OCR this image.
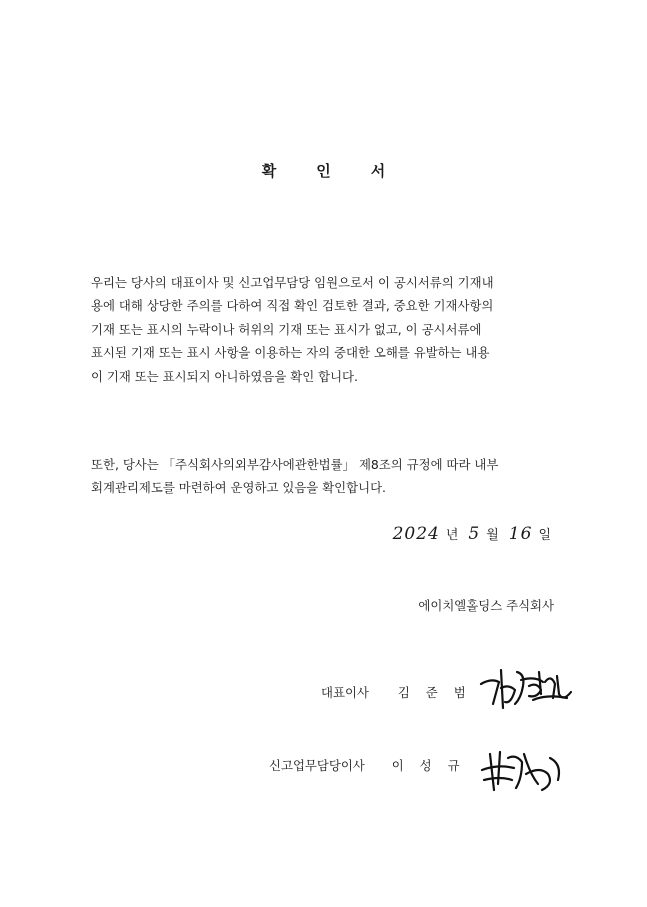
확	인	서

우리는 당사의 대표이사 및 신고업무담당 임원으로서 이 공시서류의 기재내
용에 대해 상당한 주의를 다하여 직접 확인 검토한 결과, 중요한 기재사항의
기재 또는 표시의 누락이나 허위의 기재 또는 표시가 없고, 이 공시서류에
표시된 기재 또는 표시 사항을 이용하는 자의 중대한 오해를 유발하는 내용
이 기재 또는 표시되지 아니하였음을 확인 합니다.

또한, 당사는 「주식회사의외부감사에관한법률」 제8조의 규정에 따라 내부
회계관리제도를 마련하여 운영하고 있음을 확인합니다.

2024 년 5 월 16 일
에이치엘홀딩스 주식회사
대표이사 김 준 범
신고업무담당이사 이 성 규
